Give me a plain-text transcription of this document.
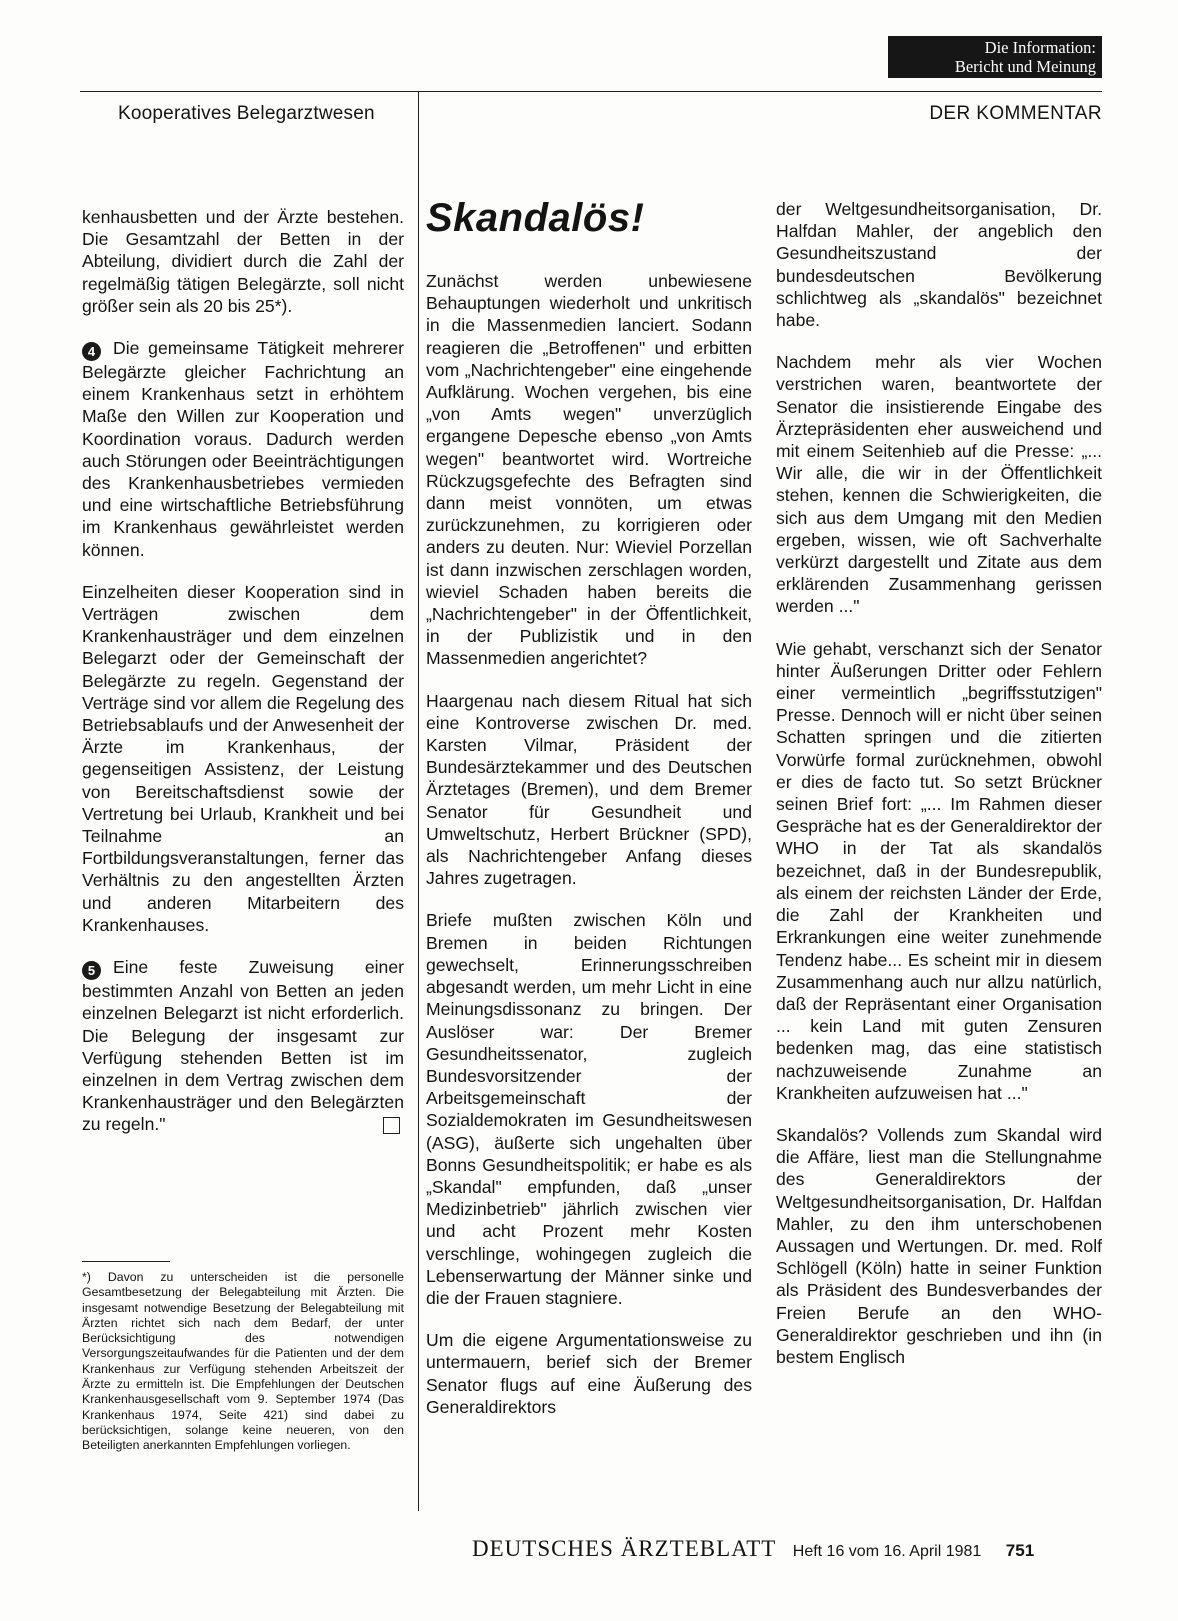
Die Information:
Bericht und Meinung
Kooperatives Belegarztwesen	DER KOMMENTAR

kenhausbetten und der Ärzte bestehen. Die Gesamtzahl der Betten in der Abteilung, dividiert durch die Zahl der regelmäßig tätigen Belegärzte, soll nicht größer sein als 20 bis 25*).

4 Die gemeinsame Tätigkeit mehrerer Belegärzte gleicher Fachrichtung an einem Krankenhaus setzt in erhöhtem Maße den Willen zur Kooperation und Koordination voraus. Dadurch werden auch Störungen oder Beeinträchtigungen des Krankenhausbetriebes vermieden und eine wirtschaftliche Betriebsführung im Krankenhaus gewährleistet werden können.

Einzelheiten dieser Kooperation sind in Verträgen zwischen dem Krankenhausträger und dem einzelnen Belegarzt oder der Gemeinschaft der Belegärzte zu regeln. Gegenstand der Verträge sind vor allem die Regelung des Betriebsablaufs und der Anwesenheit der Ärzte im Krankenhaus, der gegenseitigen Assistenz, der Leistung von Bereitschaftsdienst sowie der Vertretung bei Urlaub, Krankheit und bei Teilnahme an Fortbildungsveranstaltungen, ferner das Verhältnis zu den angestellten Ärzten und anderen Mitarbeitern des Krankenhauses.

5 Eine feste Zuweisung einer bestimmten Anzahl von Betten an jeden einzelnen Belegarzt ist nicht erforderlich. Die Belegung der insgesamt zur Verfügung stehenden Betten ist im einzelnen in dem Vertrag zwischen dem Krankenhausträger und den Belegärzten zu regeln."

*) Davon zu unterscheiden ist die personelle Gesamtbesetzung der Belegabteilung mit Ärzten. Die insgesamt notwendige Besetzung der Belegabteilung mit Ärzten richtet sich nach dem Bedarf, der unter Berücksichtigung des notwendigen Versorgungszeitaufwandes für die Patienten und der dem Krankenhaus zur Verfügung stehenden Arbeitszeit der Ärzte zu ermitteln ist. Die Empfehlungen der Deutschen Krankenhausgesellschaft vom 9. September 1974 (Das Krankenhaus 1974, Seite 421) sind dabei zu berücksichtigen, solange keine neueren, von den Beteiligten anerkannten Empfehlungen vorliegen.
Skandalös!

Zunächst werden unbewiesene Behauptungen wiederholt und unkritisch in die Massenmedien lanciert. Sodann reagieren die „Betroffenen" und erbitten vom „Nachrichtengeber" eine eingehende Aufklärung. Wochen vergehen, bis eine „von Amts wegen" unverzüglich ergangene Depesche ebenso „von Amts wegen" beantwortet wird. Wortreiche Rückzugsgefechte des Befragten sind dann meist vonnöten, um etwas zurückzunehmen, zu korrigieren oder anders zu deuten. Nur: Wieviel Porzellan ist dann inzwischen zerschlagen worden, wieviel Schaden haben bereits die „Nachrichtengeber" in der Öffentlichkeit, in der Publizistik und in den Massenmedien angerichtet?

Haargenau nach diesem Ritual hat sich eine Kontroverse zwischen Dr. med. Karsten Vilmar, Präsident der Bundesärztekammer und des Deutschen Ärztetages (Bremen), und dem Bremer Senator für Gesundheit und Umweltschutz, Herbert Brückner (SPD), als Nachrichtengeber Anfang dieses Jahres zugetragen.

Briefe mußten zwischen Köln und Bremen in beiden Richtungen gewechselt, Erinnerungsschreiben abgesandt werden, um mehr Licht in eine Meinungsdissonanz zu bringen. Der Auslöser war: Der Bremer Gesundheitssenator, zugleich Bundesvorsitzender der Arbeitsgemeinschaft der Sozialdemokraten im Gesundheitswesen (ASG), äußerte sich ungehalten über Bonns Gesundheitspolitik; er habe es als „Skandal" empfunden, daß „unser Medizinbetrieb" jährlich zwischen vier und acht Prozent mehr Kosten verschlinge, wohingegen zugleich die Lebenserwartung der Männer sinke und die der Frauen stagniere.

Um die eigene Argumentationsweise zu untermauern, berief sich der Bremer Senator flugs auf eine Äußerung des Generaldirektors

der Weltgesundheitsorganisation, Dr. Halfdan Mahler, der angeblich den Gesundheitszustand der bundesdeutschen Bevölkerung schlichtweg als „skandalös" bezeichnet habe.

Nachdem mehr als vier Wochen verstrichen waren, beantwortete der Senator die insistierende Eingabe des Ärztepräsidenten eher ausweichend und mit einem Seitenhieb auf die Presse: „... Wir alle, die wir in der Öffentlichkeit stehen, kennen die Schwierigkeiten, die sich aus dem Umgang mit den Medien ergeben, wissen, wie oft Sachverhalte verkürzt dargestellt und Zitate aus dem erklärenden Zusammenhang gerissen werden ..."

Wie gehabt, verschanzt sich der Senator hinter Äußerungen Dritter oder Fehlern einer vermeintlich „begriffsstutzigen" Presse. Dennoch will er nicht über seinen Schatten springen und die zitierten Vorwürfe formal zurücknehmen, obwohl er dies de facto tut. So setzt Brückner seinen Brief fort: „... Im Rahmen dieser Gespräche hat es der Generaldirektor der WHO in der Tat als skandalös bezeichnet, daß in der Bundesrepublik, als einem der reichsten Länder der Erde, die Zahl der Krankheiten und Erkrankungen eine weiter zunehmende Tendenz habe... Es scheint mir in diesem Zusammenhang auch nur allzu natürlich, daß der Repräsentant einer Organisation ... kein Land mit guten Zensuren bedenken mag, das eine statistisch nachzuweisende Zunahme an Krankheiten aufzuweisen hat ..."

Skandalös? Vollends zum Skandal wird die Affäre, liest man die Stellungnahme des Generaldirektors der Weltgesundheitsorganisation, Dr. Halfdan Mahler, zu den ihm unterschobenen Aussagen und Wertungen. Dr. med. Rolf Schlögell (Köln) hatte in seiner Funktion als Präsident des Bundesverbandes der Freien Berufe an den WHO-Generaldirektor geschrieben und ihn (in bestem Englisch

DEUTSCHES ÄRZTEBLATT Heft 16 vom 16. April 1981 751
